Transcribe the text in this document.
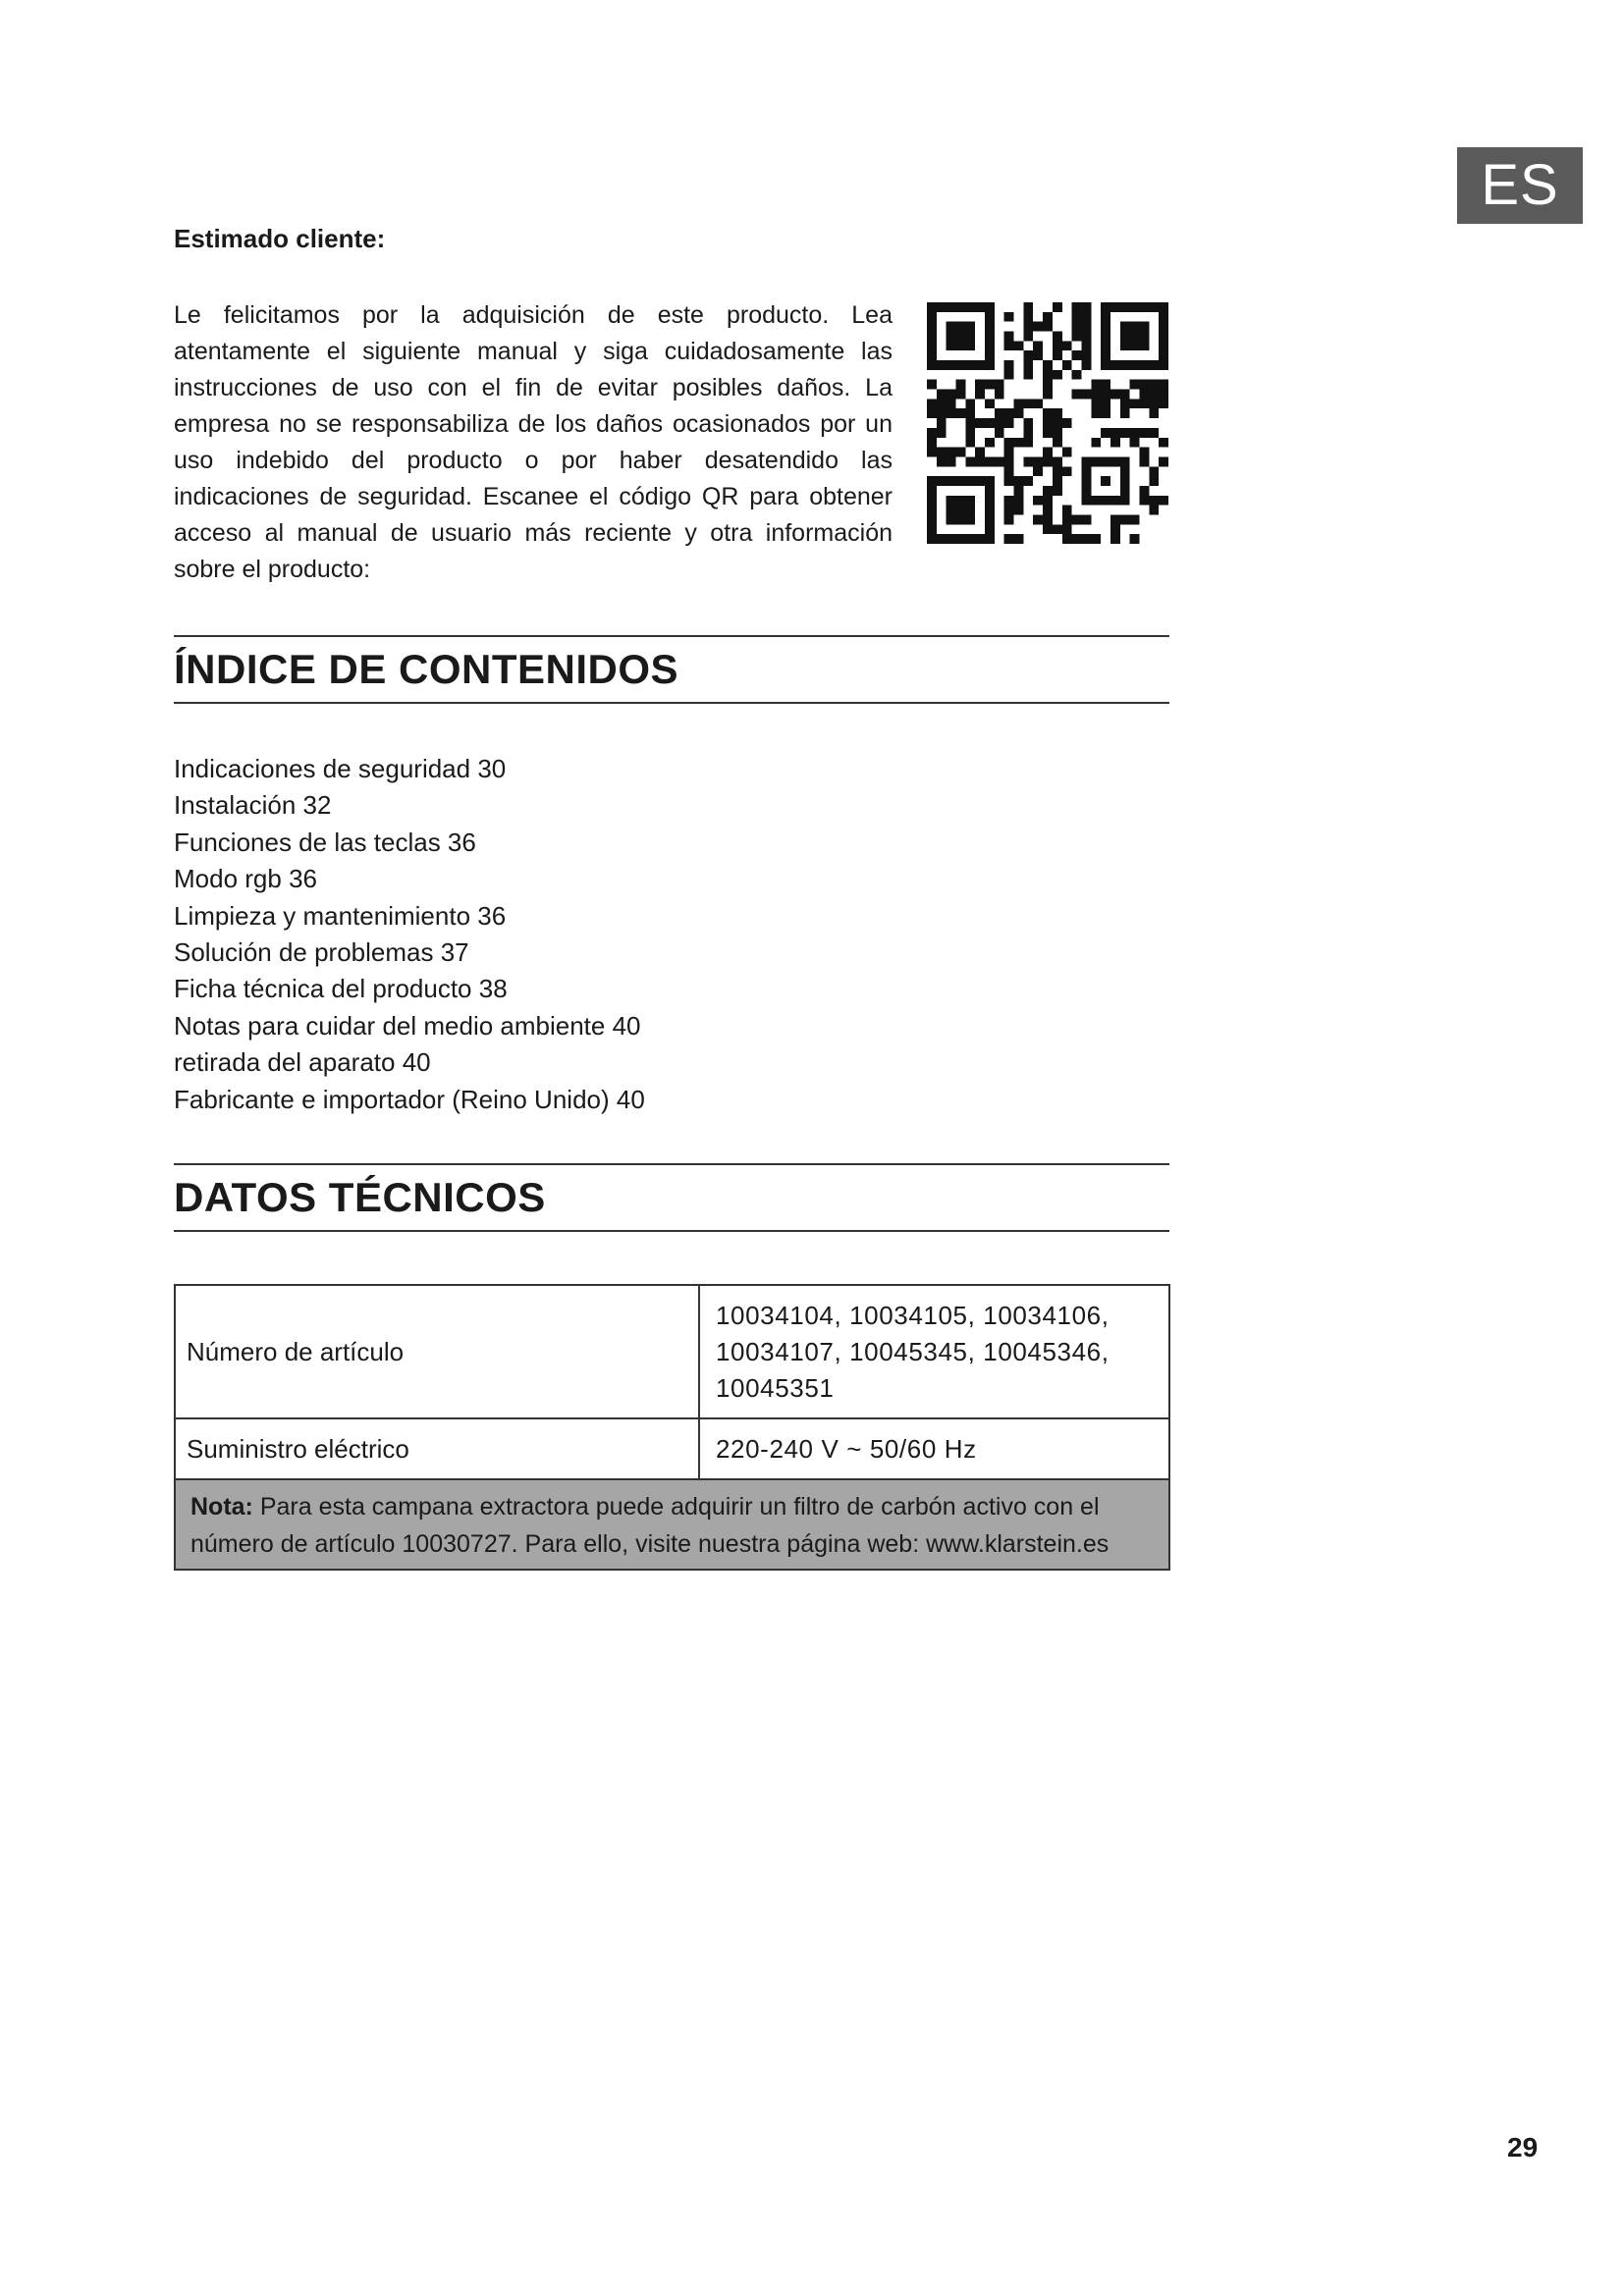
ES
Estimado cliente:

Le felicitamos por la adquisición de este producto. Lea atentamente el siguiente manual y siga cuidadosamente las instrucciones de uso con el fin de evitar posibles daños. La empresa no se responsabiliza de los daños ocasionados por un uso indebido del producto o por haber desatendido las indicaciones de seguridad. Escanee el código QR para obtener acceso al manual de usuario más reciente y otra información sobre el producto:

ÍNDICE DE CONTENIDOS
Indicaciones de seguridad 30
Instalación 32
Funciones de las teclas 36
Modo rgb 36
Limpieza y mantenimiento 36
Solución de problemas 37
Ficha técnica del producto 38
Notas para cuidar del medio ambiente 40
retirada del aparato 40
Fabricante e importador (Reino Unido) 40
DATOS TÉCNICOS
Número de artículo	10034104, 10034105, 10034106,
10034107, 10045345, 10045346,
10045351

Suministro eléctrico	220-240 V ~ 50/60 Hz

Nota: Para esta campana extractora puede adquirir un filtro de carbón activo con el número de artículo 10030727. Para ello, visite nuestra página web: www.klarstein.es	
29
